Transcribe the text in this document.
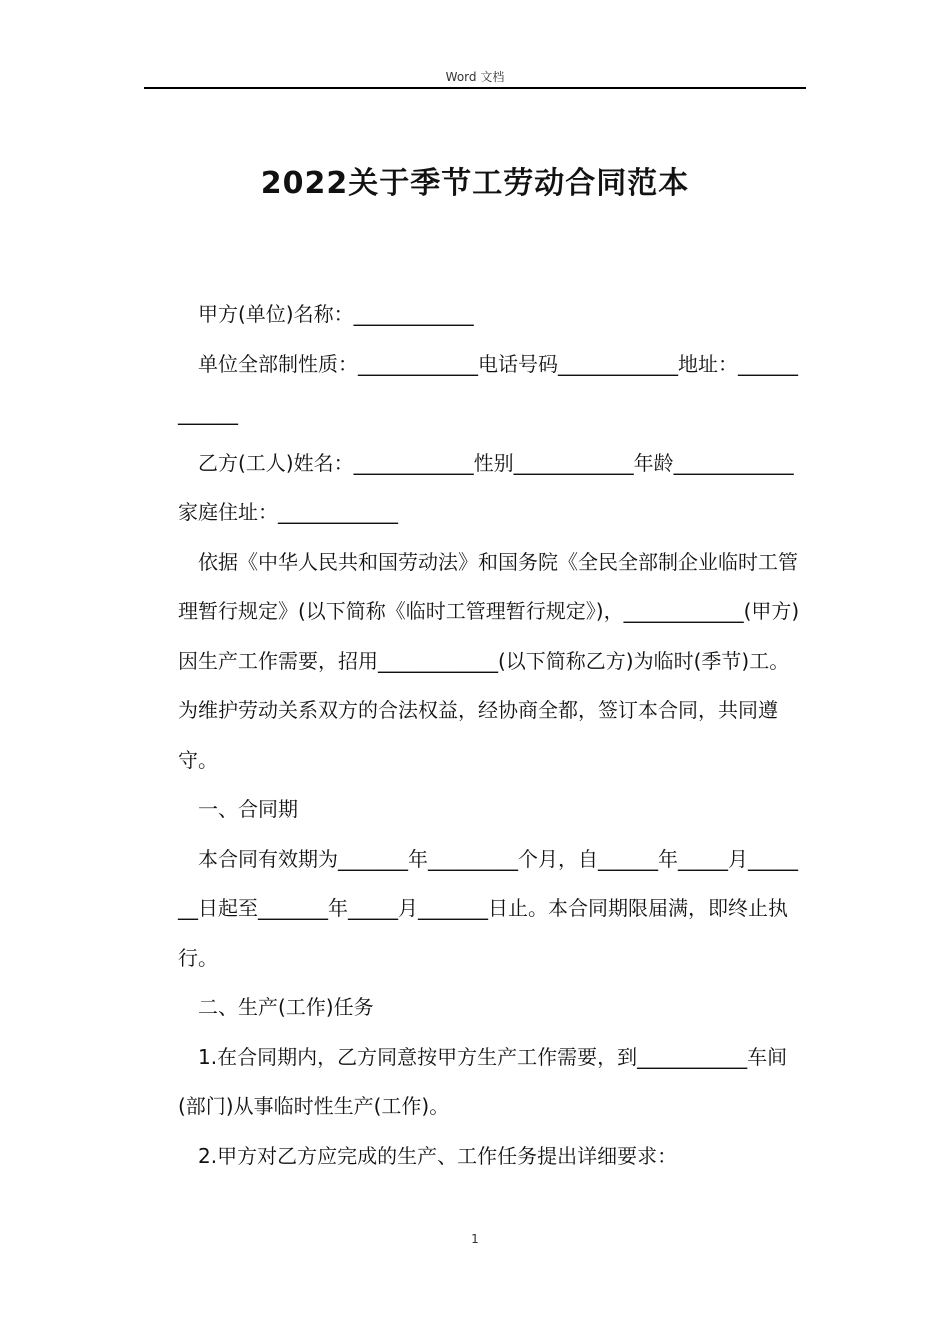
Word 文档
2022关于季节工劳动合同范本

甲方(单位)名称：____________

单位全部制性质：____________电话号码____________地址：____________

乙方(工人)姓名：____________性别____________年龄____________家庭住址：____________

依据《中华人民共和国劳动法》和国务院《全民全部制企业临时工管理暂行规定》(以下简称《临时工管理暂行规定》)，____________(甲方)因生产工作需要，招用____________(以下简称乙方)为临时(季节)工。为维护劳动关系双方的合法权益，经协商全都，签订本合同，共同遵守。

一、合同期

本合同有效期为_______年_________个月，自______年_____月_______日起至_______年_____月_______日止。本合同期限届满，即终止执行。

二、生产(工作)任务

1.在合同期内，乙方同意按甲方生产工作需要，到___________车间(部门)从事临时性生产(工作)。

2.甲方对乙方应完成的生产、工作任务提出详细要求：

1
